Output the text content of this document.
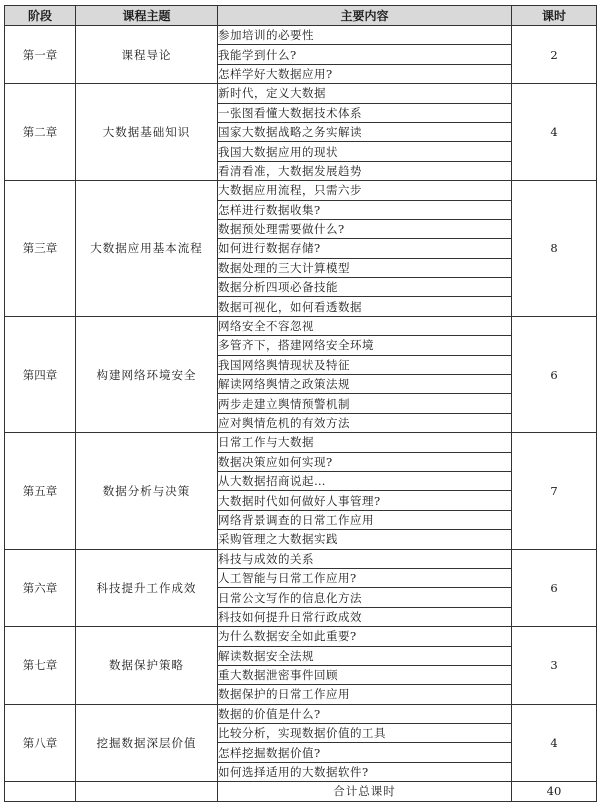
阶段	课程主题	主要内容	课时
第一章	课程导论	参加培训的必要性	2
		我能学到什么?	
		怎样学好大数据应用?	
第二章	大数据基础知识	新时代，定义大数据	4
		一张图看懂大数据技术体系	
		国家大数据战略之务实解读	
		我国大数据应用的现状	
		看清看准，大数据发展趋势	
第三章	大数据应用基本流程	大数据应用流程，只需六步	8
		怎样进行数据收集?	
		数据预处理需要做什么?	
		如何进行数据存储?	
		数据处理的三大计算模型	
		数据分析四项必备技能	
		数据可视化，如何看透数据	
第四章	构建网络环境安全	网络安全不容忽视	6
		多管齐下，搭建网络安全环境	
		我国网络舆情现状及特征	
		解读网络舆情之政策法规	
		两步走建立舆情预警机制	
		应对舆情危机的有效方法	
第五章	数据分析与决策	日常工作与大数据	7
		数据决策应如何实现?	
		从大数据招商说起…	
		大数据时代如何做好人事管理?	
		网络背景调查的日常工作应用	
		采购管理之大数据实践	
第六章	科技提升工作成效	科技与成效的关系	6
		人工智能与日常工作应用?	
		日常公文写作的信息化方法	
		科技如何提升日常行政成效	
第七章	数据保护策略	为什么数据安全如此重要?	3
		解读数据安全法规	
		重大数据泄密事件回顾	
		数据保护的日常工作应用	
第八章	挖掘数据深层价值	数据的价值是什么?	4
		比较分析，实现数据价值的工具	
		怎样挖掘数据价值?	
		如何选择适用的大数据软件?	
		合计总课时	40
